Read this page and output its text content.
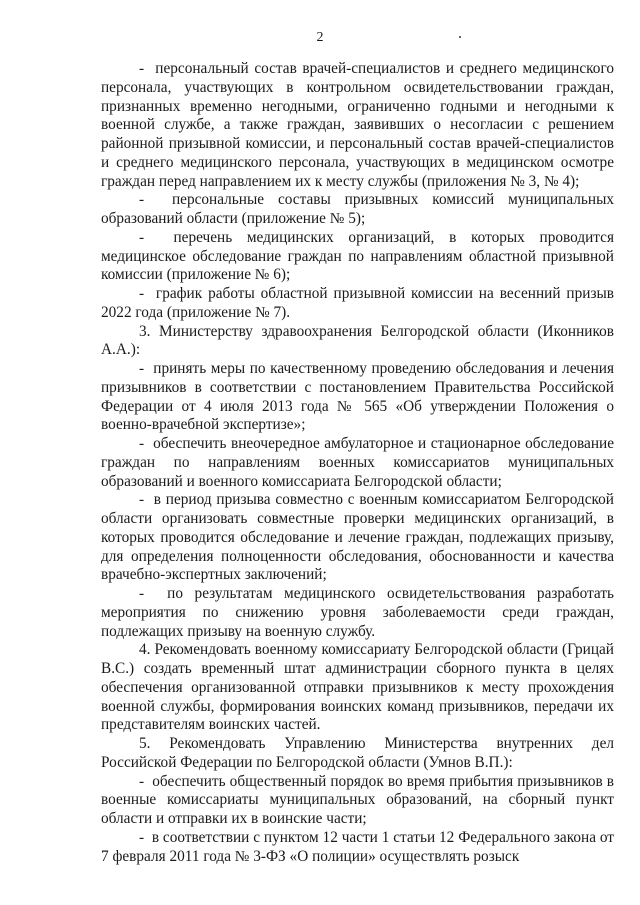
2

-  персональный состав врачей-специалистов и среднего медицинского персонала, участвующих в контрольном освидетельствовании граждан, признанных временно негодными, ограниченно годными и негодными к военной службе, а также граждан, заявивших о несогласии с решением районной призывной комиссии, и персональный состав врачей-специалистов и среднего медицинского персонала, участвующих в медицинском осмотре граждан перед направлением их к месту службы (приложения № 3, № 4);

-  персональные составы призывных комиссий муниципальных образований области (приложение № 5);

-  перечень медицинских организаций, в которых проводится медицинское обследование граждан по направлениям областной призывной комиссии (приложение № 6);

-  график работы областной призывной комиссии на весенний призыв 2022 года (приложение № 7).

3. Министерству здравоохранения Белгородской области (Иконников А.А.):

-  принять меры по качественному проведению обследования и лечения призывников в соответствии с постановлением Правительства Российской Федерации от 4 июля 2013 года № 565 «Об утверждении Положения о военно-врачебной экспертизе»;

-  обеспечить внеочередное амбулаторное и стационарное обследование граждан по направлениям военных комиссариатов муниципальных образований и военного комиссариата Белгородской области;

-  в период призыва совместно с военным комиссариатом Белгородской области организовать совместные проверки медицинских организаций, в которых проводится обследование и лечение граждан, подлежащих призыву, для определения полноценности обследования, обоснованности и качества врачебно-экспертных заключений;

-  по результатам медицинского освидетельствования разработать мероприятия по снижению уровня заболеваемости среди граждан, подлежащих призыву на военную службу.

4. Рекомендовать военному комиссариату Белгородской области (Грицай В.С.) создать временный штат администрации сборного пункта в целях обеспечения организованной отправки призывников к месту прохождения военной службы, формирования воинских команд призывников, передачи их представителям воинских частей.

5. Рекомендовать Управлению Министерства внутренних дел Российской Федерации по Белгородской области (Умнов В.П.):

-  обеспечить общественный порядок во время прибытия призывников в военные комиссариаты муниципальных образований, на сборный пункт области и отправки их в воинские части;

-  в соответствии с пунктом 12 части 1 статьи 12 Федерального закона от 7 февраля 2011 года № 3-ФЗ «О полиции» осуществлять розыск
